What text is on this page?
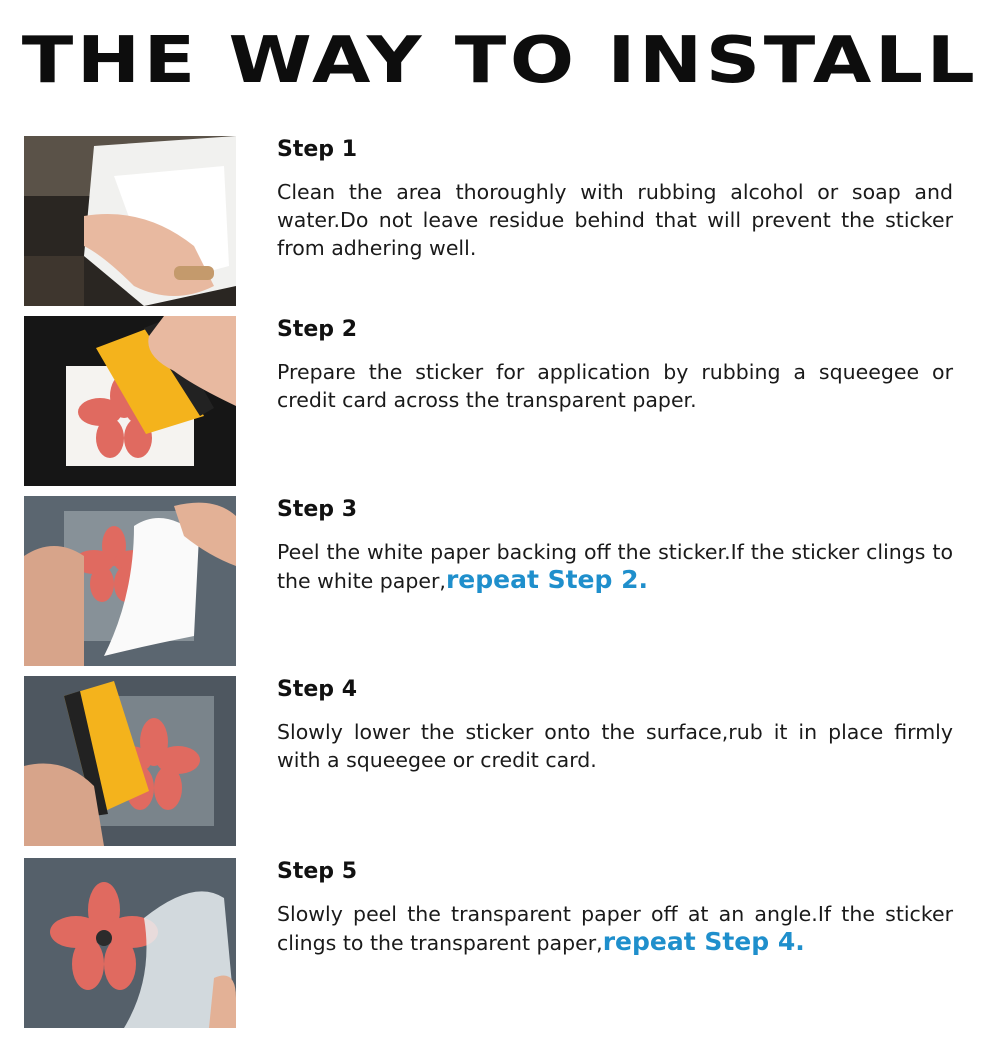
THE WAY TO INSTALL
Step 1
Clean the area thoroughly with rubbing alcohol or soap and water.Do not leave residue behind that will prevent the sticker from adhering well.
Step 2
Prepare the sticker for application by rubbing a squeegee or credit card across the transparent paper.
Step 3
Peel the white paper backing off the sticker.If the sticker clings to the white paper,repeat Step 2.
Step 4
Slowly lower the sticker onto the surface,rub it in place firmly with a squeegee or credit card.
Step 5
Slowly peel the transparent paper off at an angle.If the sticker clings to the transparent paper,repeat Step 4.
